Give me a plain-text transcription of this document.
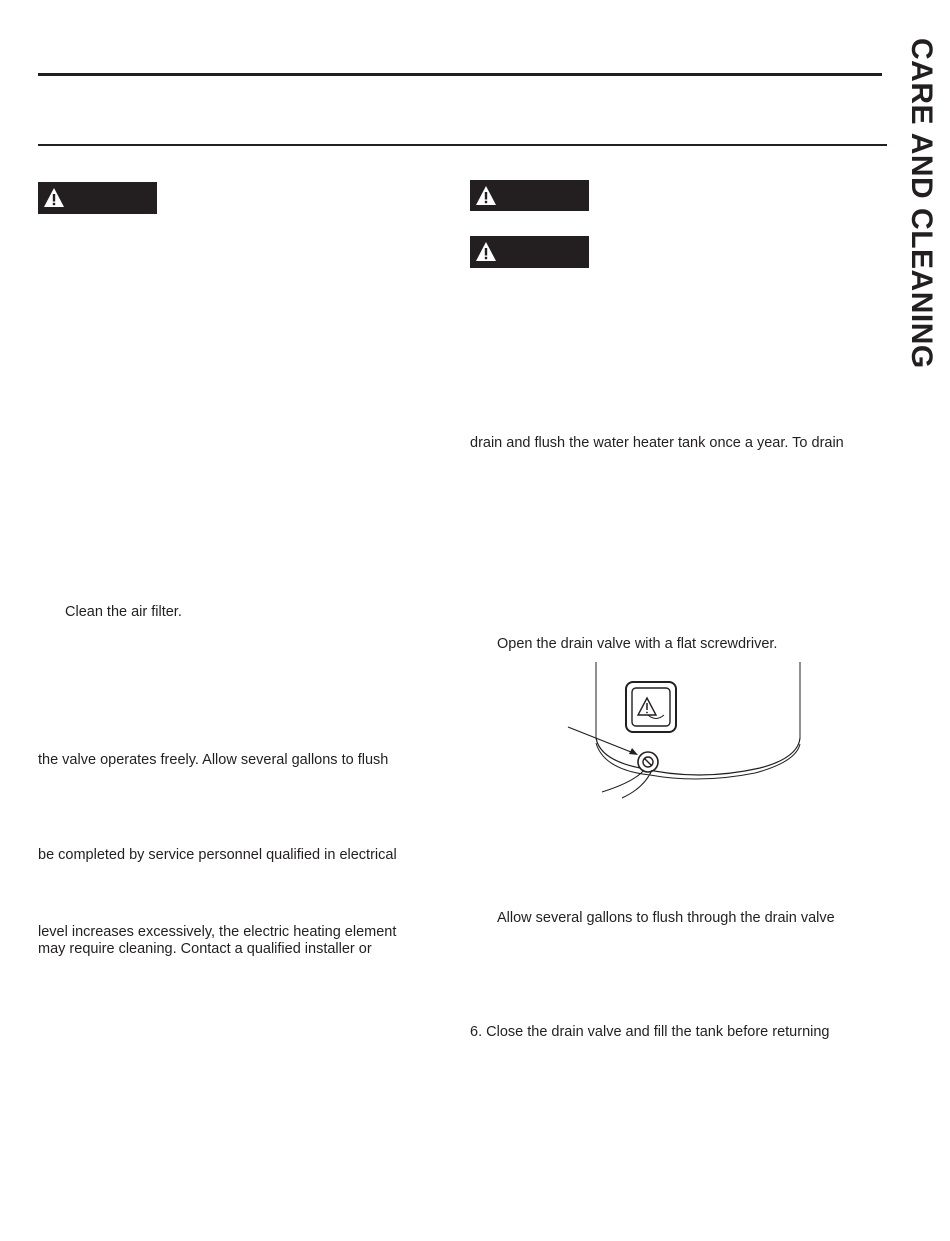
CARE AND CLEANING
Clean the air filter.
the valve operates freely. Allow several gallons to flush
be completed by service personnel qualified in electrical
level increases excessively, the electric heating element
may require cleaning. Contact a qualified installer or
drain and flush the water heater tank once a year. To drain
Open the drain valve with a flat screwdriver.
Allow several gallons to flush through the drain valve
6. Close the drain valve and fill the tank before returning
